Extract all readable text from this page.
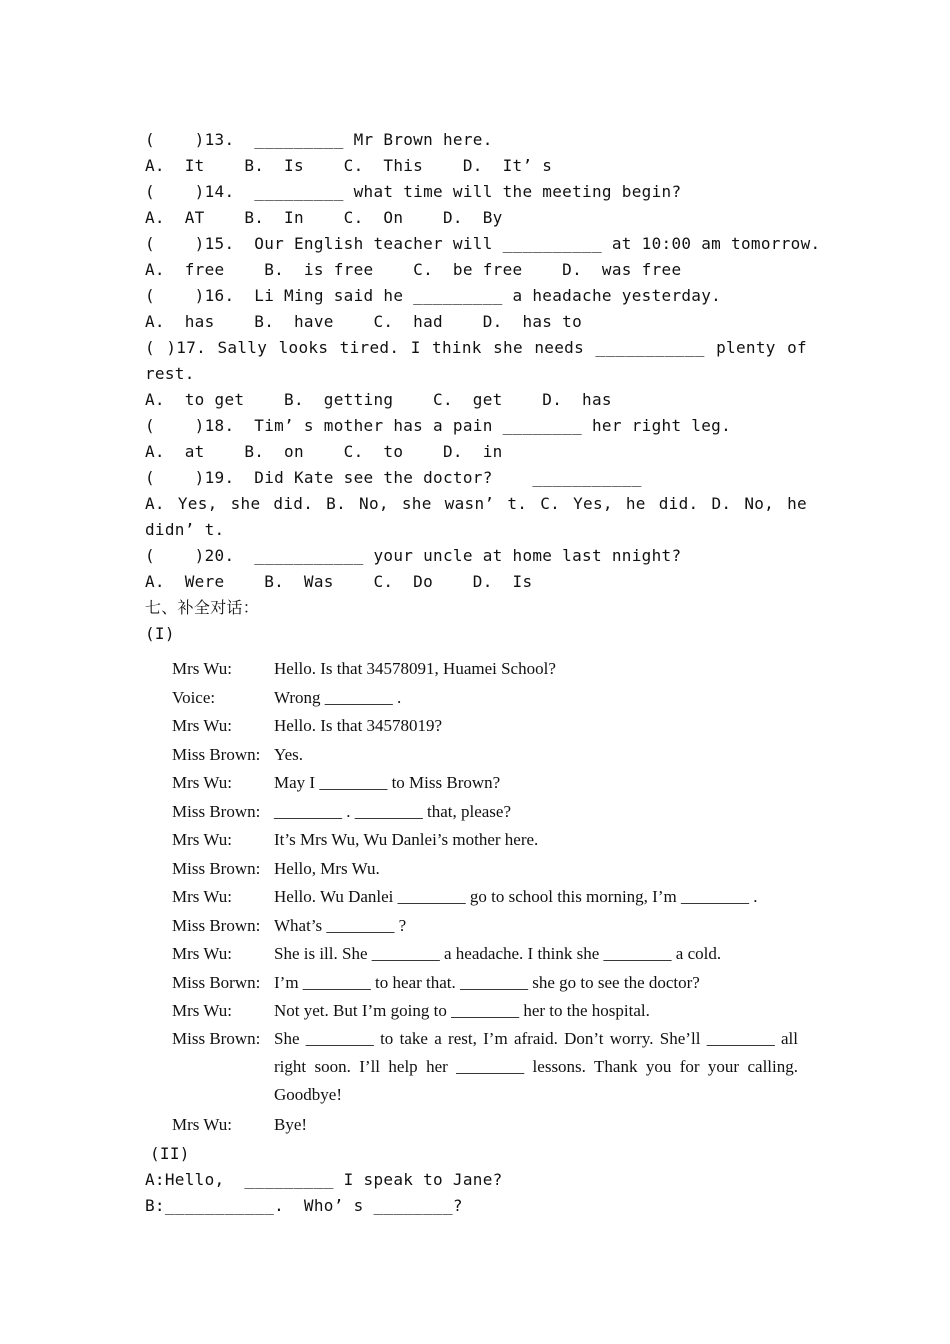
(    )13.  _________ Mr Brown here.
A.  It    B.  Is    C.  This    D.  It’ s
(    )14.  _________ what time will the meeting begin?
A.  AT    B.  In    C.  On    D.  By
(    )15.  Our English teacher will __________ at 10:00 am tomorrow.
A.  free    B.  is free    C.  be free    D.  was free
(    )16.  Li Ming said he _________ a headache yesterday.
A.  has    B.  have    C.  had    D.  has to
( )17. Sally looks tired. I think she needs ___________ plenty of
rest.
A.  to get    B.  getting    C.  get    D.  has
(    )18.  Tim’ s mother has a pain ________ her right leg.
A.  at    B.  on    C.  to    D.  in
(    )19.  Did Kate see the doctor?    ___________
A. Yes, she did. B. No, she wasn’ t. C. Yes, he did. D. No, he
didn’ t.
(    )20.  ___________ your uncle at home last nnight?
A.  Were    B.  Was    C.  Do    D.  Is
七、补全对话：
(I)
Mrs Wu: Hello. Is that 34578091, Huamei School?
Voice:	Wrong ________ .
Mrs Wu: Hello. Is that 34578019?
Miss Brown: Yes.
Mrs Wu: May I ________ to Miss Brown?
Miss Brown: ________ . ________ that, please?
Mrs Wu: It’s Mrs Wu, Wu Danlei’s mother here.
Miss Brown: Hello, Mrs Wu.
Mrs Wu: Hello. Wu Danlei ________ go to school this morning, I’m ________ .
Miss Brown: What’s ________ ?
Mrs Wu: She is ill. She ________ a headache. I think she ________ a cold.
Miss Borwn: I’m ________ to hear that. ________ she go to see the doctor?
Mrs Wu: Not yet. But I’m going to ________ her to the hospital.
Miss Brown: She ________ to take a rest, I’m afraid. Don’t worry. She’ll ________ all right soon. I’ll help her ________ lessons. Thank you for your calling. Goodbye!
Mrs Wu: Bye!
(II)
A:Hello,  _________ I speak to Jane?
B:___________.  Who’ s ________?
